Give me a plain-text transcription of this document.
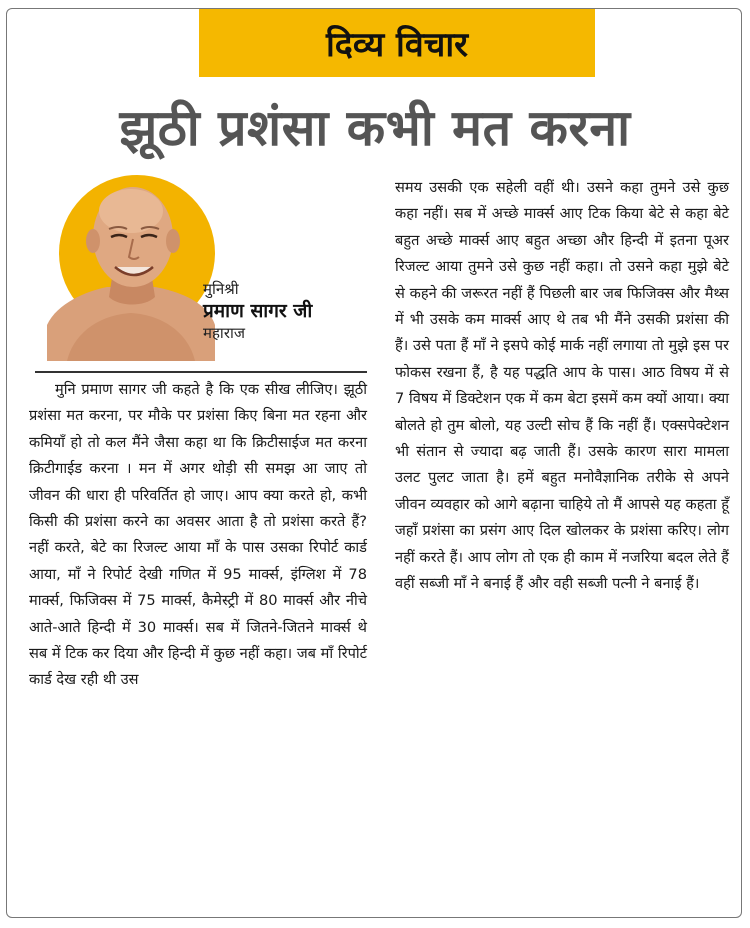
दिव्य विचार
झूठी प्रशंसा कभी मत करना
मुनिश्री
प्रमाण सागर जी
महाराज

मुनि प्रमाण सागर जी कहते है कि एक सीख लीजिए। झूठी प्रशंसा मत करना, पर मौके पर प्रशंसा किए बिना मत रहना और कमियाँ हो तो कल मैंने जैसा कहा था कि क्रिटीसाईज मत करना क्रिटीगाईड करना । मन में अगर थोड़ी सी समझ आ जाए तो जीवन की धारा ही परिवर्तित हो जाए। आप क्या करते हो, कभी किसी की प्रशंसा करने का अवसर आता है तो प्रशंसा करते हैं? नहीं करते, बेटे का रिजल्ट आया माँ के पास उसका रिपोर्ट कार्ड आया, माँ ने रिपोर्ट देखी गणित में 95 मार्क्स, इंग्लिश में 78 मार्क्स, फिजिक्स में 75 मार्क्स, कैमेस्ट्री में 80 मार्क्स और नीचे आते-आते हिन्दी में 30 मार्क्स। सब में जितने-जितने मार्क्स थे सब में टिक कर दिया और हिन्दी में कुछ नहीं कहा। जब माँ रिपोर्ट कार्ड देख रही थी उस

समय उसकी एक सहेली वहीं थी। उसने कहा तुमने उसे कुछ कहा नहीं। सब में अच्छे मार्क्स आए टिक किया बेटे से कहा बेटे बहुत अच्छे मार्क्स आए बहुत अच्छा और हिन्दी में इतना पूअर रिजल्ट आया तुमने उसे कुछ नहीं कहा। तो उसने कहा मुझे बेटे से कहने की जरूरत नहीं हैं पिछली बार जब फिजिक्स और मैथ्स में भी उसके कम मार्क्स आए थे तब भी मैंने उसकी प्रशंसा की हैं। उसे पता हैं माँ ने इसपे कोई मार्क नहीं लगाया तो मुझे इस पर फोकस रखना हैं, है यह पद्धति आप के पास। आठ विषय में से 7 विषय में डिक्टेशन एक में कम बेटा इसमें कम क्यों आया। क्या बोलते हो तुम बोलो, यह उल्टी सोच हैं कि नहीं हैं। एक्सपेक्टेशन भी संतान से ज्यादा बढ़ जाती हैं। उसके कारण सारा मामला उलट पुलट जाता है। हमें बहुत मनोवैज्ञानिक तरीके से अपने जीवन व्यवहार को आगे बढ़ाना चाहिये तो मैं आपसे यह कहता हूँ जहाँ प्रशंसा का प्रसंग आए दिल खोलकर के प्रशंसा करिए। लोग नहीं करते हैं। आप लोग तो एक ही काम में नजरिया बदल लेते हैं वहीं सब्जी माँ ने बनाई हैं और वही सब्जी पत्नी ने बनाई हैं।
